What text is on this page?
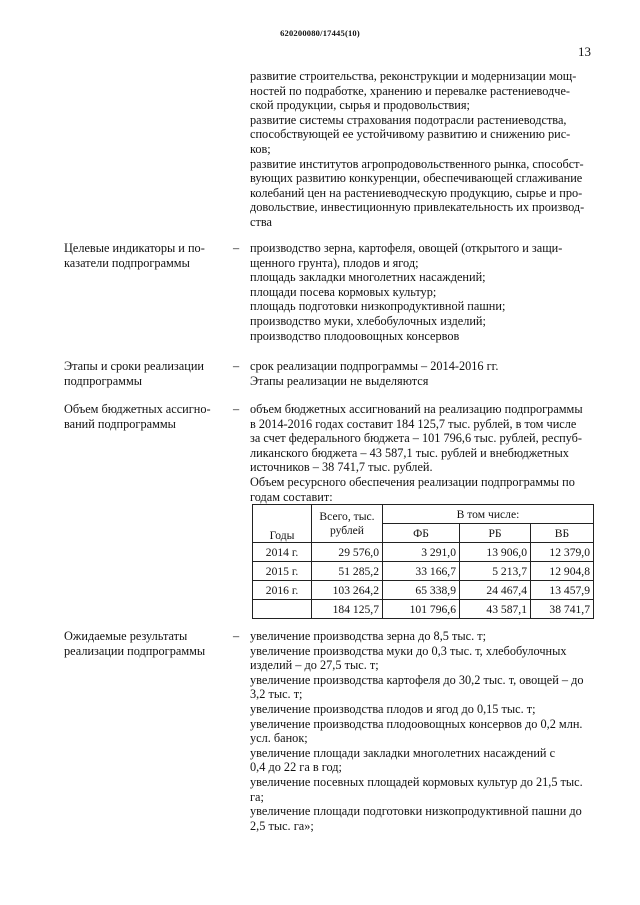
620200080/17445(10)
13
развитие строительства, реконструкции и модернизации мощ-
ностей по подработке, хранению и перевалке растениеводче-
ской продукции, сырья и продовольствия;
развитие системы страхования подотрасли растениеводства,
способствующей ее устойчивому развитию и снижению рис-
ков;
развитие институтов агропродовольственного рынка, способст-
вующих развитию конкуренции, обеспечивающей сглаживание
колебаний цен на растениеводческую продукцию, сырье и про-
довольствие, инвестиционную привлекательность их производ-
ства
Целевые индикаторы и по-
казатели подпрограммы
– производство зерна, картофеля, овощей (открытого и защи-
щенного грунта), плодов и ягод;
площадь закладки многолетних насаждений;
площади посева кормовых культур;
площадь подготовки низкопродуктивной пашни;
производство муки, хлебобулочных изделий;
производство плодоовощных консервов
Этапы и сроки реализации
подпрограммы
– срок реализации подпрограммы – 2014-2016 гг.
Этапы реализации не выделяются
Объем бюджетных ассигно-
ваний подпрограммы
– объем бюджетных ассигнований на реализацию подпрограммы
в 2014-2016 годах составит 184 125,7 тыс. рублей, в том числе
за счет федерального бюджета – 101 796,6 тыс. рублей, респуб-
ликанского бюджета – 43 587,1 тыс. рублей и внебюджетных
источников – 38 741,7 тыс. рублей.
Объем ресурсного обеспечения реализации подпрограммы по
годам составит:
Годы	Всего, тыс. рублей	В том числе:		
		ФБ	РБ	ВБ
2014 г.	29 576,0	3 291,0	13 906,0	12 379,0
2015 г.	51 285,2	33 166,7	5 213,7	12 904,8
2016 г.	103 264,2	65 338,9	24 467,4	13 457,9
	184 125,7	101 796,6	43 587,1	38 741,7
Ожидаемые результаты
реализации подпрограммы
– увеличение производства зерна до 8,5 тыс. т;
увеличение производства муки до 0,3 тыс. т, хлебобулочных
изделий – до 27,5 тыс. т;
увеличение производства картофеля до 30,2 тыс. т, овощей – до
3,2 тыс. т;
увеличение производства плодов и ягод до 0,15 тыс. т;
увеличение производства плодоовощных консервов до 0,2 млн.
усл. банок;
увеличение площади закладки многолетних насаждений с
0,4 до 22 га в год;
увеличение посевных площадей кормовых культур до 21,5 тыс.
га;
увеличение площади подготовки низкопродуктивной пашни до
2,5 тыс. га»;
